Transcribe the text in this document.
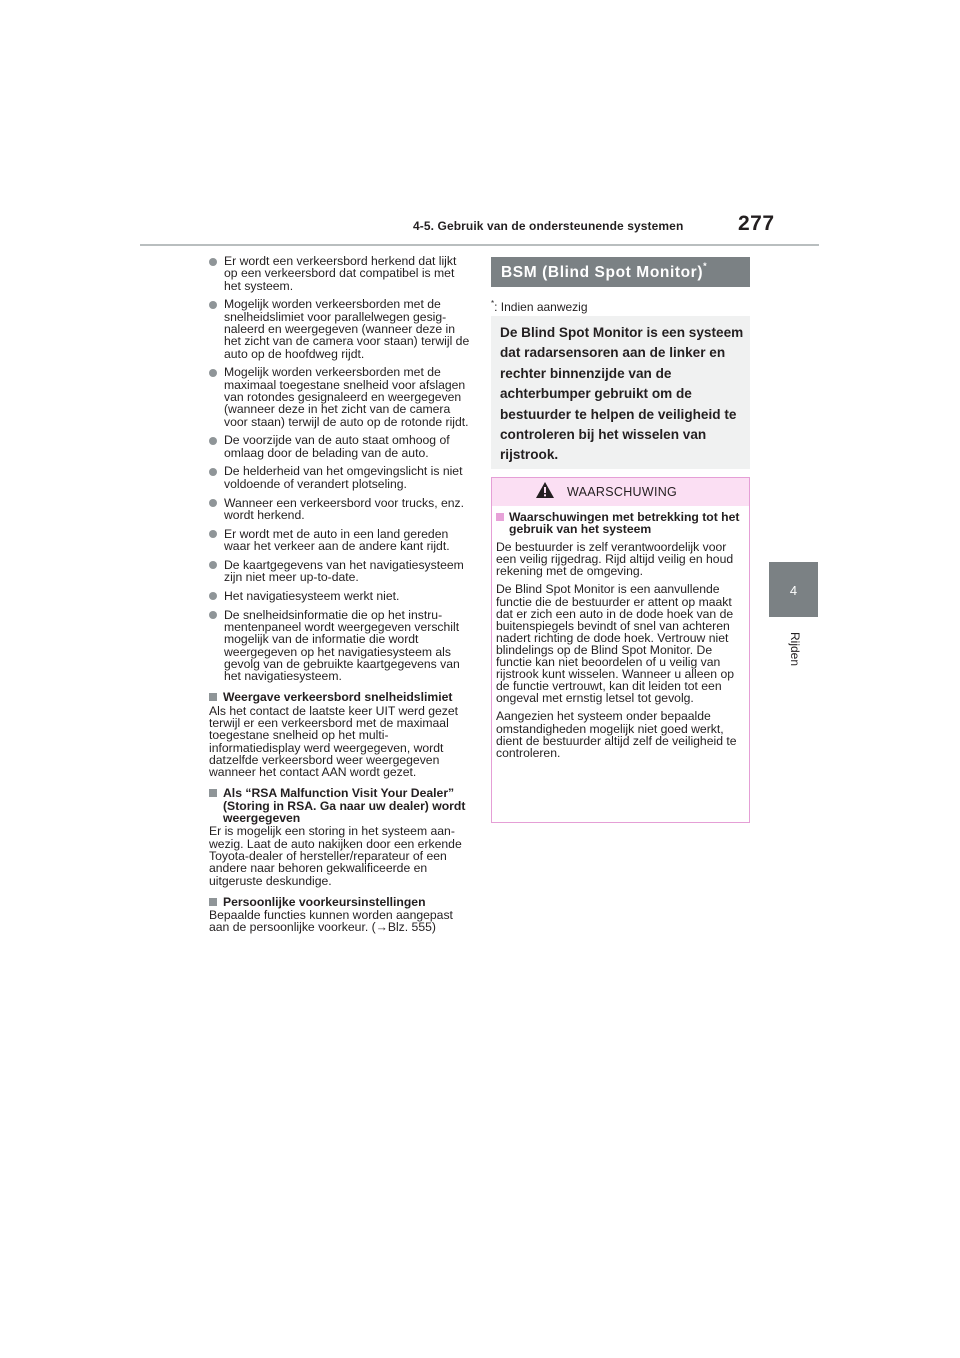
4-5. Gebruik van de ondersteunende systemen	277
4
Rijden
Er wordt een verkeersbord herkend dat lijkt op een verkeersbord dat compatibel is met het systeem.
Mogelijk worden verkeersborden met de snelheidslimiet voor parallelwegen gesignaleerd en weergegeven (wanneer deze in het zicht van de camera voor staan) terwijl de auto op de hoofdweg rijdt.
Mogelijk worden verkeersborden met de maximaal toegestane snelheid voor afslagen van rotondes gesignaleerd en weergegeven (wanneer deze in het zicht van de camera voor staan) terwijl de auto op de rotonde rijdt.
De voorzijde van de auto staat omhoog of omlaag door de belading van de auto.
De helderheid van het omgevingslicht is niet voldoende of verandert plotseling.
Wanneer een verkeersbord voor trucks, enz. wordt herkend.
Er wordt met de auto in een land gereden waar het verkeer aan de andere kant rijdt.
De kaartgegevens van het navigatiesysteem zijn niet meer up-to-date.
Het navigatiesysteem werkt niet.
De snelheidsinformatie die op het instrumentenpaneel wordt weergegeven verschilt mogelijk van de informatie die wordt weergegeven op het navigatiesysteem als gevolg van de gebruikte kaartgegevens van het navigatiesysteem.
Weergave verkeersbord snelheidslimiet
Als het contact de laatste keer UIT werd gezet terwijl er een verkeersbord met de maximaal toegestane snelheid op het multi-informatiedisplay werd weergegeven, wordt datzelfde verkeersbord weer weergegeven wanneer het contact AAN wordt gezet.
Als “RSA Malfunction Visit Your Dealer” (Storing in RSA. Ga naar uw dealer) wordt weergegeven
Er is mogelijk een storing in het systeem aanwezig. Laat de auto nakijken door een erkende Toyota-dealer of hersteller/reparateur of een andere naar behoren gekwalificeerde en uitgeruste deskundige.
Persoonlijke voorkeursinstellingen
Bepaalde functies kunnen worden aangepast aan de persoonlijke voorkeur. (→Blz. 555)
BSM (Blind Spot Monitor)*
*: Indien aanwezig
De Blind Spot Monitor is een systeem dat radarsensoren aan de linker en rechter binnenzijde van de achterbumper gebruikt om de bestuurder te helpen de veiligheid te controleren bij het wisselen van rijstrook.
WAARSCHUWING
Waarschuwingen met betrekking tot het gebruik van het systeem
De bestuurder is zelf verantwoordelijk voor een veilig rijgedrag. Rijd altijd veilig en houd rekening met de omgeving.
De Blind Spot Monitor is een aanvullende functie die de bestuurder er attent op maakt dat er zich een auto in de dode hoek van de buitenspiegels bevindt of snel van achteren nadert richting de dode hoek. Vertrouw niet blindelings op de Blind Spot Monitor. De functie kan niet beoordelen of u veilig van rijstrook kunt wisselen. Wanneer u alleen op de functie vertrouwt, kan dit leiden tot een ongeval met ernstig letsel tot gevolg.
Aangezien het systeem onder bepaalde omstandigheden mogelijk niet goed werkt, dient de bestuurder altijd zelf de veiligheid te controleren.
